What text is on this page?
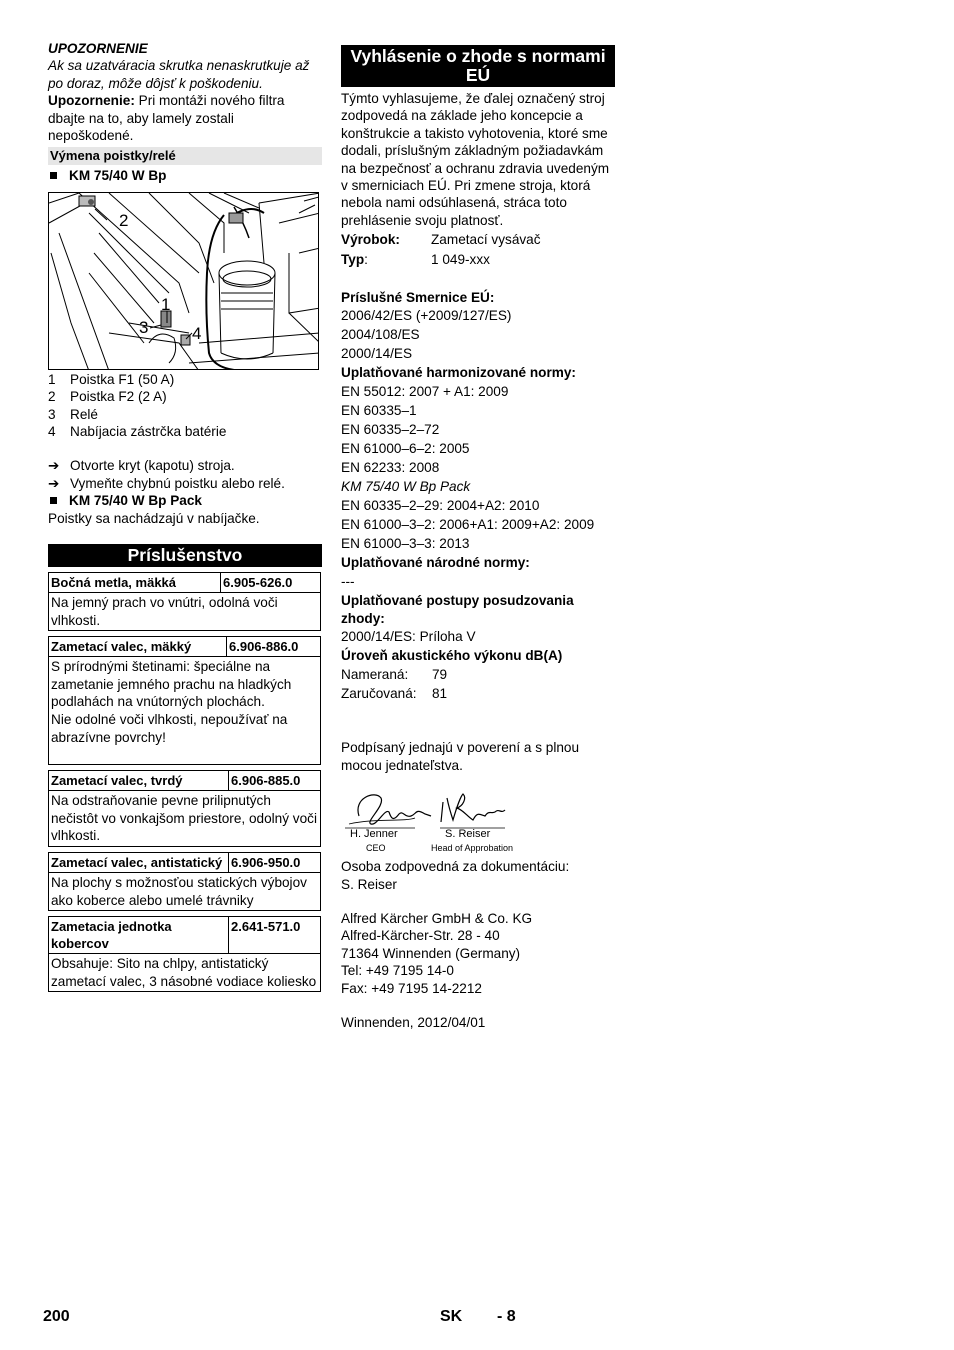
UPOZORNENIE

Ak sa uzatváracia skrutka nenaskrutkuje až po doraz, môže dôjsť k poškodeniu.

Upozornenie: Pri montáži nového filtra dbajte na to, aby lamely zostali nepoškodené.

Výmena poistky/relé

KM 75/40 W Bp

2
1
3	4
1	Poistka F1 (50 A)
2	Poistka F2 (2 A)
3	Relé
4	Nabíjacia zástrčka batérie

➔ Otvorte kryt (kapotu) stroja.

➔ Vymeňte chybnú poistku alebo relé.

KM 75/40 W Bp Pack

Poistky sa nachádzajú v nabíjačke.

Príslušenstvo
Bočná metla, mäkká	6.905-626.0
Na jemný prach vo vnútri, odolná voči vlhkosti.
Zametací valec, mäkký	6.906-886.0
S prírodnými štetinami: špeciálne na zametanie jemného prachu na hladkých podlahách na vnútorných plochách.
Nie odolné voči vlhkosti, nepoužívať na abrazívne povrchy!
Zametací valec, tvrdý	6.906-885.0
Na odstraňovanie pevne prilipnutých nečistôt vo vonkajšom priestore, odolný voči vlhkosti.
Zametací valec, antistatický 6.906-950.0
Na plochy s možnosťou statických výbojov ako koberce alebo umelé trávniky
Zametacia jednotka kobercov
2.641-571.0
Obsahuje: Sito na chlpy, antistatický zametací valec, 3 násobné vodiace koliesko
Vyhlásenie o zhode s normami EÚ

Týmto vyhlasujeme, že ďalej označený stroj zodpovedá na základe jeho koncepcie a konštrukcie a takisto vyhotovenia, ktoré sme dodali, príslušným základným požiadavkám na bezpečnosť a ochranu zdravia uvedeným v smerniciach EÚ. Pri zmene stroja, ktorá nebola nami odsúhlasená, stráca toto prehlásenie svoju platnosť.

Výrobok:	Zametací vysávač
Typ:	1 049-xxx

Príslušné Smernice EÚ:

2006/42/ES (+2009/127/ES)

2004/108/ES

2000/14/ES

Uplatňované harmonizované normy:

EN 55012: 2007 + A1: 2009

EN 60335–1

EN 60335–2–72

EN 61000–6–2: 2005

EN 62233: 2008

KM 75/40 W Bp Pack

EN 60335–2–29: 2004+A2: 2010

EN 61000–3–2: 2006+A1: 2009+A2: 2009

EN 61000–3–3: 2013

Uplatňované národné normy:

---

Uplatňované postupy posudzovania zhody:

2000/14/ES: Príloha V

Úroveň akustického výkonu dB(A)

Nameraná:	79
Zaručovaná:	81

Podpísaný jednajú v poverení a s plnou mocou jednateľstva.

H. Jenner
CEO
S. Reiser
Head of Approbation

Osoba zodpovedná za dokumentáciu:

S. Reiser

Alfred Kärcher GmbH & Co. KG

Alfred-Kärcher-Str. 28 - 40

71364 Winnenden (Germany)

Tel: +49 7195 14-0

Fax: +49 7195 14-2212

Winnenden, 2012/04/01

200	SK - 8
